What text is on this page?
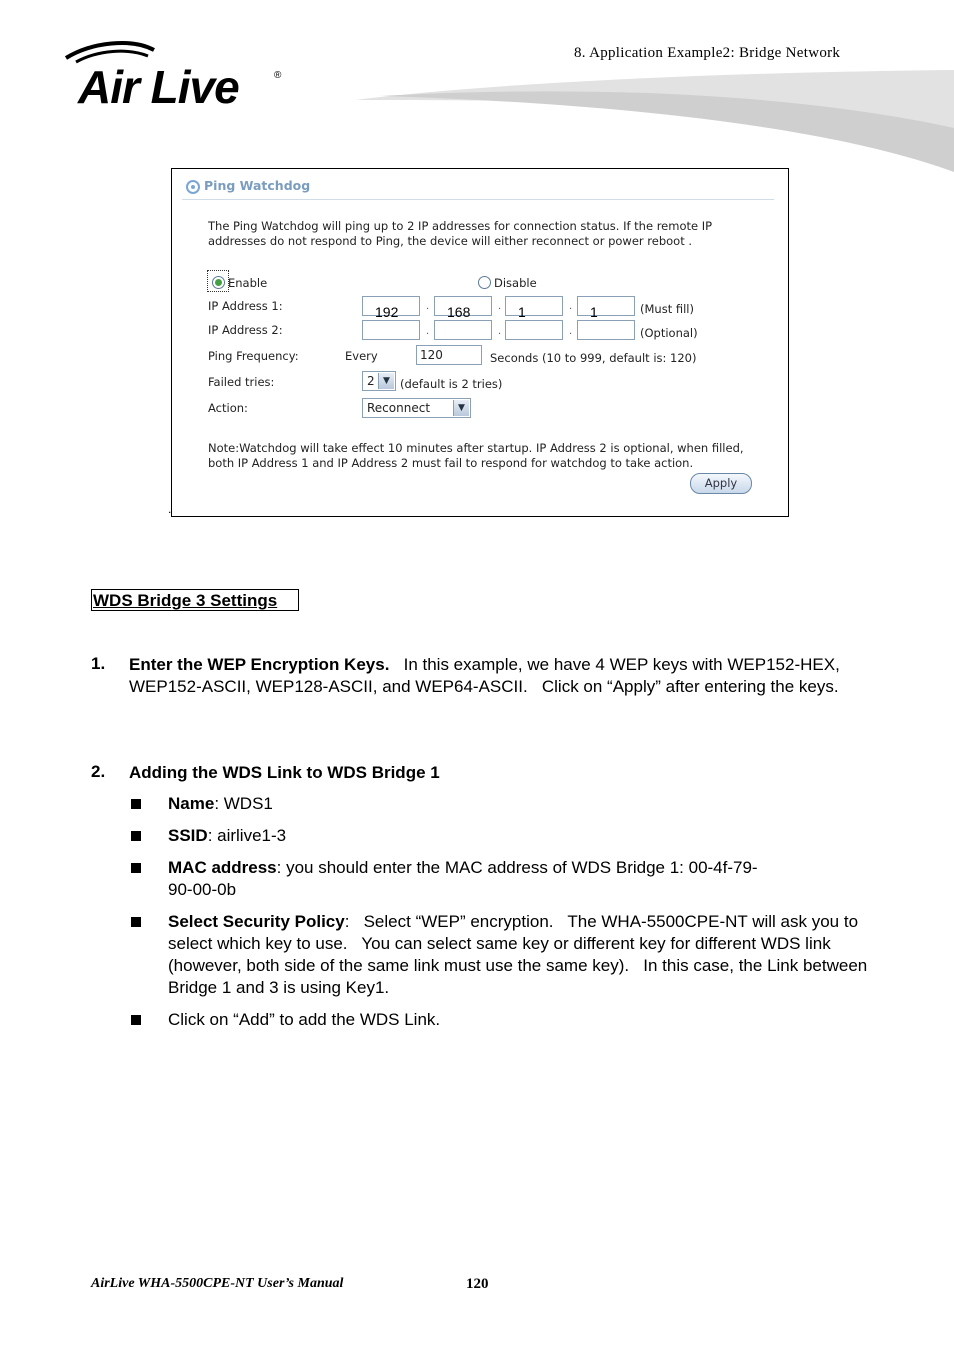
8. Application Example2: Bridge Network
Air Live	®
Ping Watchdog
The Ping Watchdog will ping up to 2 IP addresses for connection status. If the remote IP addresses do not respond to Ping, the device will either reconnect or power reboot .
Enable	Disable
IP Address 1:	192	·	168	·	1	·	1	(Must fill)
IP Address 2:	·	·	·	(Optional)
Ping Frequency:	Every	120	Seconds (10 to 999, default is: 120)
Failed tries:	2 ▼ (default is 2 tries)
Action:	Reconnect	▼
Note:Watchdog will take effect 10 minutes after startup. IP Address 2 is optional, when filled, both IP Address 1 and IP Address 2 must fail to respond for watchdog to take action.
Apply
.
WDS Bridge 3 Settings
1. Enter the WEP Encryption Keys.   In this example, we have 4 WEP keys with WEP152-HEX, WEP152-ASCII, WEP128-ASCII, and WEP64-ASCII.   Click on “Apply” after entering the keys.
2. Adding the WDS Link to WDS Bridge 1
Name: WDS1
SSID: airlive1-3
MAC address: you should enter the MAC address of WDS Bridge 1: 00-4f-79-90-00-0b
Select Security Policy:   Select “WEP” encryption.   The WHA-5500CPE-NT will ask you to select which key to use.   You can select same key or different key for different WDS link (however, both side of the same link must use the same key).   In this case, the Link between Bridge 1 and 3 is using Key1.
Click on “Add” to add the WDS Link.
AirLive WHA-5500CPE-NT User’s Manual	120
